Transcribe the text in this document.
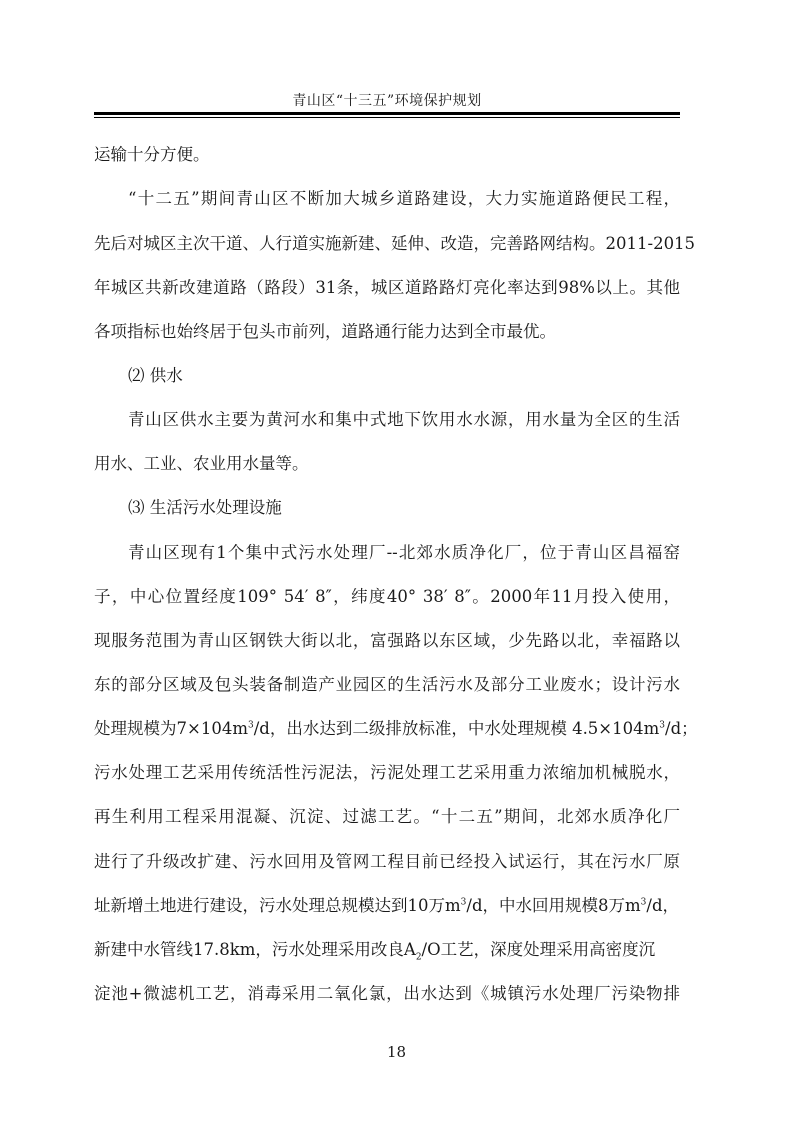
青山区“十三五”环境保护规划
运输十分方便。
“十二五”期间青山区不断加大城乡道路建设，大力实施道路便民工程，
先后对城区主次干道、人行道实施新建、延伸、改造，完善路网结构。2011-2015
年城区共新改建道路（路段）31条，城区道路路灯亮化率达到98%以上。其他
各项指标也始终居于包头市前列，道路通行能力达到全市最优。
⑵ 供水
青山区供水主要为黄河水和集中式地下饮用水水源，用水量为全区的生活
用水、工业、农业用水量等。
⑶ 生活污水处理设施
青山区现有1个集中式污水处理厂--北郊水质净化厂，位于青山区昌福窑
子，中心位置经度109° 54′ 8″，纬度40° 38′ 8″。2000年11月投入使用，
现服务范围为青山区钢铁大街以北，富强路以东区域，少先路以北，幸福路以
东的部分区域及包头装备制造产业园区的生活污水及部分工业废水；设计污水
处理规模为$7\times 104m^3/d$，出水达到二级排放标准，中水处理规模 $4.5\times 104m^3/d$；
污水处理工艺采用传统活性污泥法，污泥处理工艺采用重力浓缩加机械脱水，
再生利用工程采用混凝、沉淀、过滤工艺。“十二五”期间，北郊水质净化厂
进行了升级改扩建、污水回用及管网工程目前已经投入试运行，其在污水厂原
址新增土地进行建设，污水处理总规模达到10万$m^3/d$，中水回用规模8万$m^3/d$，
新建中水管线17.8km，污水处理采用改良$A_2/O$工艺，深度处理采用高密度沉
淀池+微滤机工艺，消毒采用二氧化氯，出水达到《城镇污水处理厂污染物排
18
